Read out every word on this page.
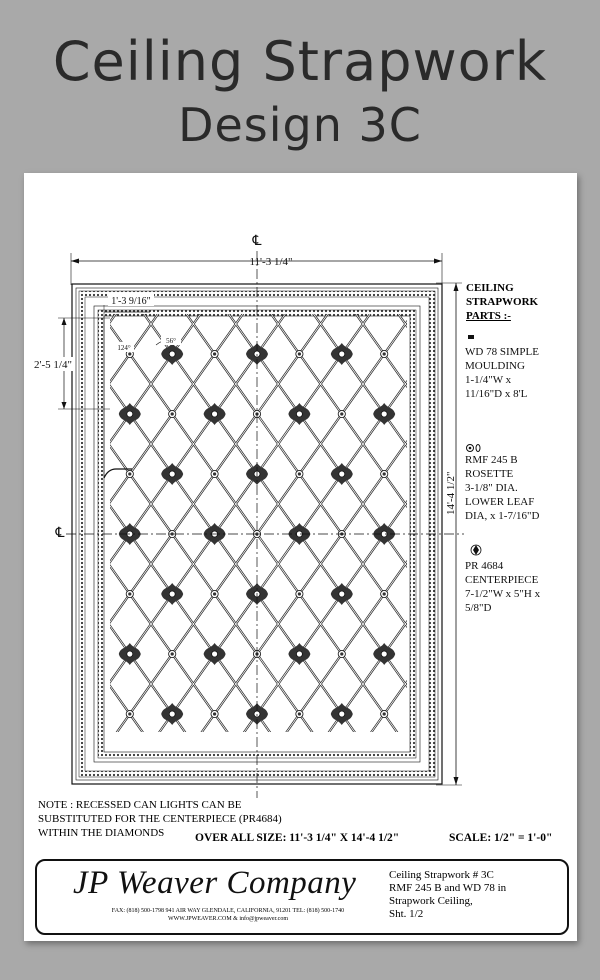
Ceiling Strapwork
Design 3C
11'-3 1/4"
℄
℄
14'-4 1/2"
2'-5 1/4"
1'-3 9/16"
56°
124°
CEILING
STRAPWORK
PARTS :-
WD 78 SIMPLE
MOULDING
1-1/4"W x
11/16"D x 8'L
RMF 245 B
ROSETTE
3-1/8" DIA.
LOWER LEAF
DIA, x 1-7/16"D
PR 4684
CENTERPIECE
7-1/2"W x 5"H x
5/8"D
NOTE : RECESSED CAN LIGHTS CAN BE
SUBSTITUTED FOR THE CENTERPIECE (PR4684)
WITHIN THE DIAMONDS	OVER ALL SIZE: 11'-3 1/4" X 14'-4 1/2"	SCALE: 1/2" = 1'-0"
JP Weaver Company
FAX: (818) 500-1798 941 AIR WAY GLENDALE, CALIFORNIA, 91201 TEL: (818) 500-1740
WWW.JPWEAVER.COM & info@jpweaver.com
Ceiling Strapwork # 3C
RMF 245 B and WD 78 in
Strapwork Ceiling,
Sht. 1/2
